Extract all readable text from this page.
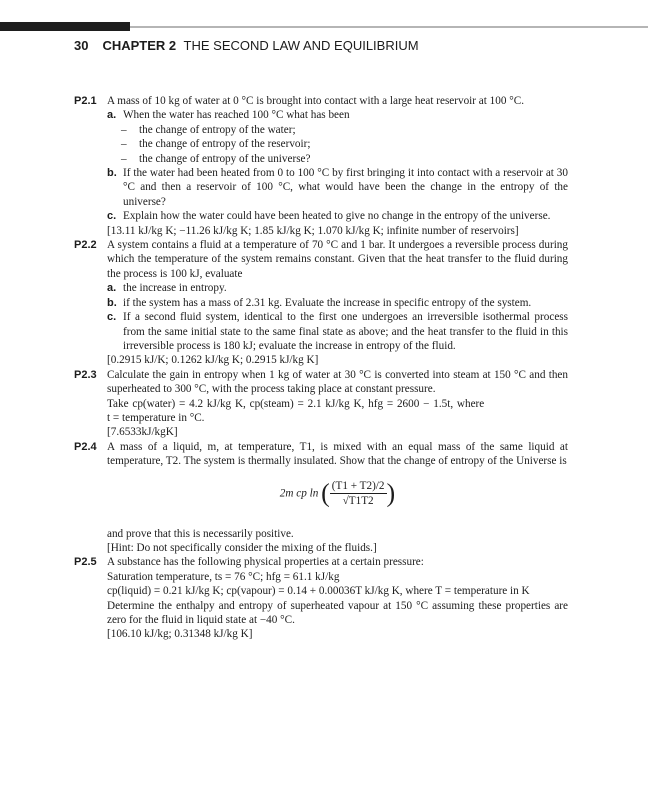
30 CHAPTER 2 THE SECOND LAW AND EQUILIBRIUM
P2.1 A mass of 10 kg of water at 0 °C is brought into contact with a large heat reservoir at 100 °C.
a. When the water has reached 100 °C what has been
– the change of entropy of the water;
– the change of entropy of the reservoir;
– the change of entropy of the universe?
b. If the water had been heated from 0 to 100 °C by first bringing it into contact with a reservoir at 30 °C and then a reservoir of 100 °C, what would have been the change in the entropy of the universe?
c. Explain how the water could have been heated to give no change in the entropy of the universe.
[13.11 kJ/kg K; −11.26 kJ/kg K; 1.85 kJ/kg K; 1.070 kJ/kg K; infinite number of reservoirs]
P2.2 A system contains a fluid at a temperature of 70 °C and 1 bar. It undergoes a reversible process during which the temperature of the system remains constant. Given that the heat transfer to the fluid during the process is 100 kJ, evaluate
a. the increase in entropy.
b. if the system has a mass of 2.31 kg. Evaluate the increase in specific entropy of the system.
c. If a second fluid system, identical to the first one undergoes an irreversible isothermal process from the same initial state to the same final state as above; and the heat transfer to the fluid in this irreversible process is 180 kJ; evaluate the increase in entropy of the fluid.
[0.2915 kJ/K; 0.1262 kJ/kg K; 0.2915 kJ/kg K]
P2.3 Calculate the gain in entropy when 1 kg of water at 30 °C is converted into steam at 150 °C and then superheated to 300 °C, with the process taking place at constant pressure.
Take cp(water) = 4.2 kJ/kg K, cp(steam) = 2.1 kJ/kg K, hfg = 2600 − 1.5t, where
t = temperature in °C.
[7.6533kJ/kgK]
P2.4 A mass of a liquid, m, at temperature, T1, is mixed with an equal mass of the same liquid at temperature, T2. The system is thermally insulated. Show that the change of entropy of the Universe is
2m cp ln ( $\frac{(T1 + T2)/2}{√T1T2}$ )
and prove that this is necessarily positive.
[Hint: Do not specifically consider the mixing of the fluids.]
P2.5 A substance has the following physical properties at a certain pressure:
Saturation temperature, ts = 76 °C; hfg = 61.1 kJ/kg
cp(liquid) = 0.21 kJ/kg K; cp(vapour) = 0.14 + 0.00036T kJ/kg K, where T = temperature in K
Determine the enthalpy and entropy of superheated vapour at 150 °C assuming these properties are zero for the fluid in liquid state at −40 °C.
[106.10 kJ/kg; 0.31348 kJ/kg K]
